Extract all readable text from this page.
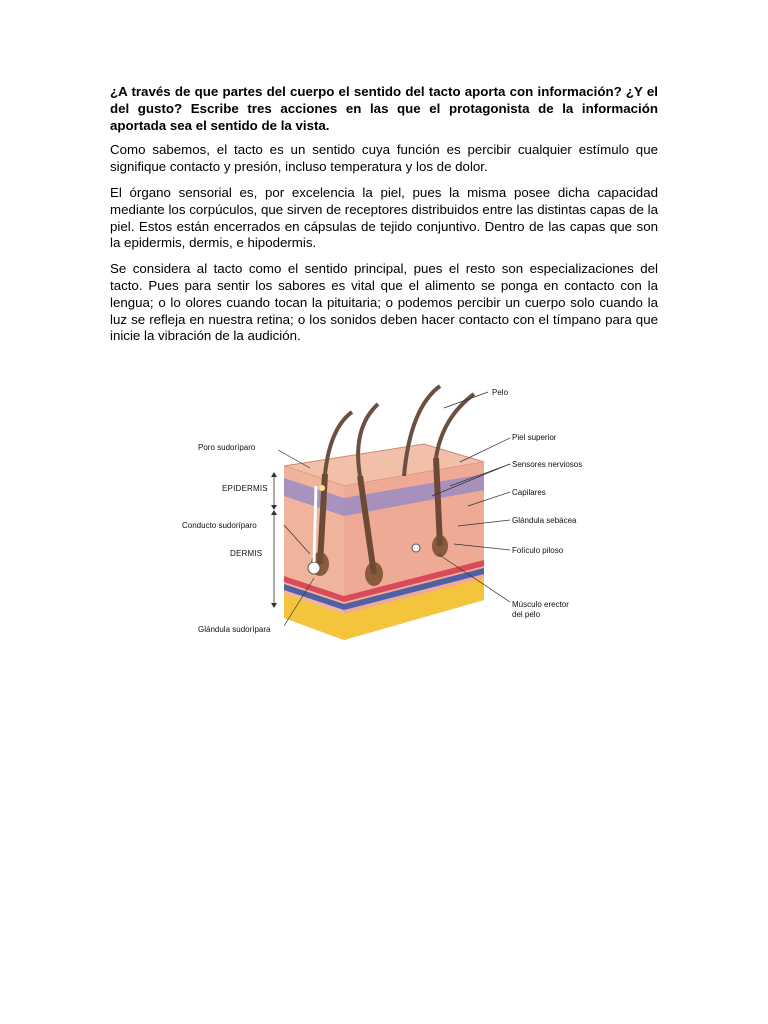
¿A través de que partes del cuerpo el sentido del tacto aporta con información? ¿Y el del gusto? Escribe tres acciones en las que el protagonista de la información aportada sea el sentido de la vista.

Como sabemos, el tacto es un sentido cuya función es percibir cualquier estímulo que signifique contacto y presión, incluso temperatura y los de dolor.

El órgano sensorial es, por excelencia la piel, pues la misma posee dicha capacidad mediante los corpúculos, que sirven de receptores distribuidos entre las distintas capas de la piel. Estos están encerrados en cápsulas de tejido conjuntivo. Dentro de las capas que son la epidermis, dermis, e hipodermis.

Se considera al tacto como el sentido principal, pues el resto son especializaciones del tacto. Pues para sentir los sabores es vital que el alimento se ponga en contacto con la lengua; o lo olores cuando tocan la pituitaria; o podemos percibir un cuerpo solo cuando la luz se refleja en nuestra retina; o los sonidos deben hacer contacto con el tímpano para que inicie la vibración de la audición.

Pelo
Poro sudoríparo
Piel superior
Sensores nerviosos
EPIDERMIS	Capilares
Glándula sebácea
Conducto sudoríparo
DERMIS	Folículo piloso
Músculo erector
del pelo
Glándula sudorípara
